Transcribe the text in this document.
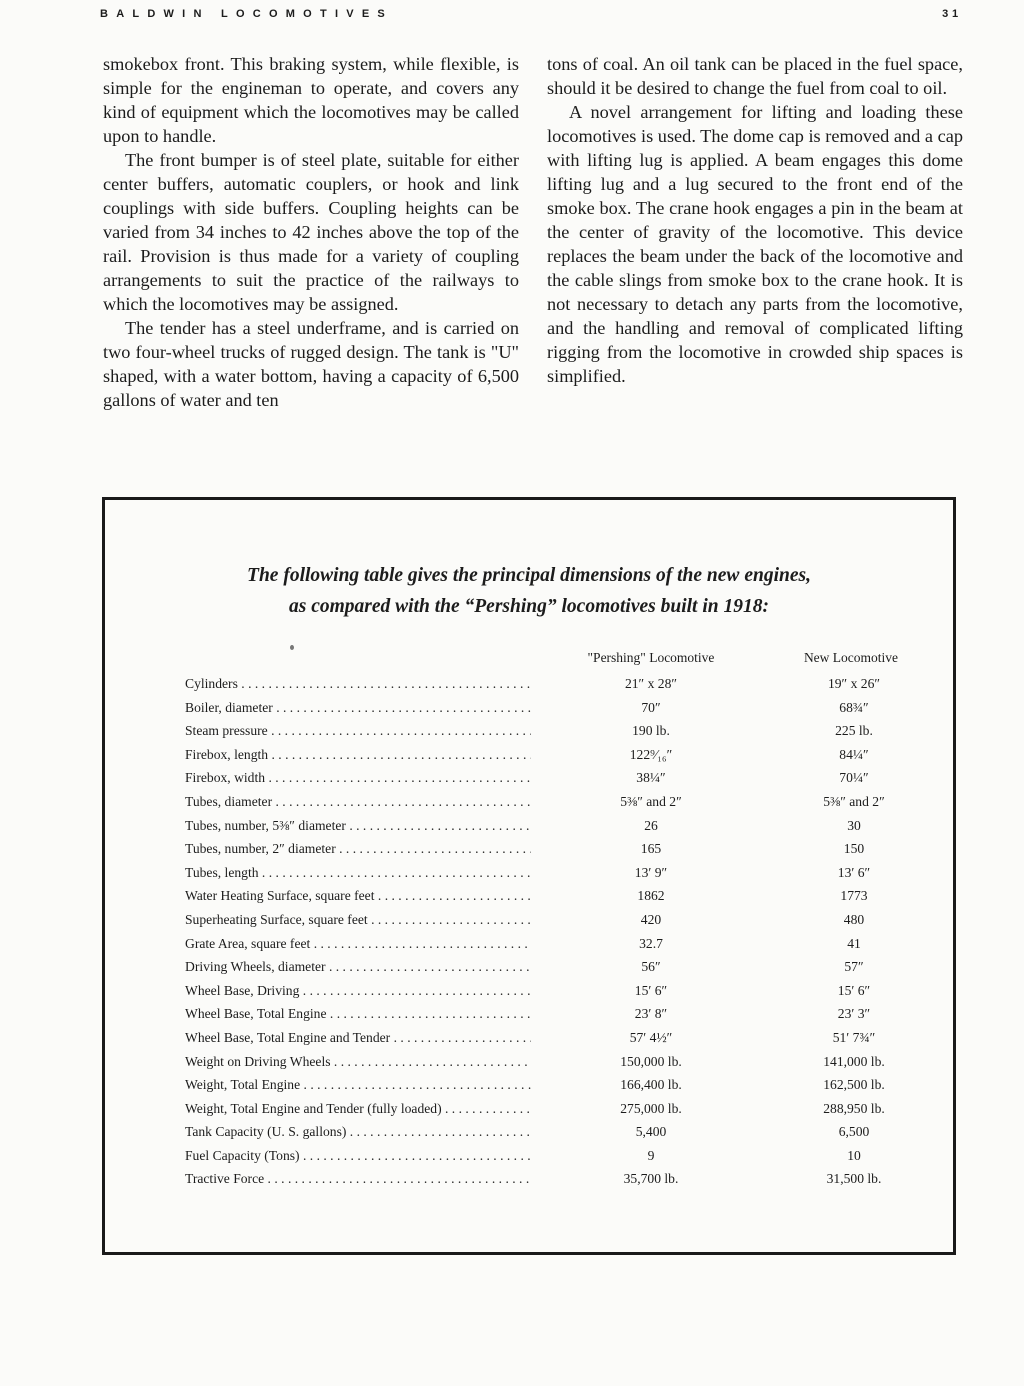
BALDWIN LOCOMOTIVES	31

smokebox front. This braking system, while flexible, is simple for the engineman to operate, and covers any kind of equipment which the locomotives may be called upon to handle.

The front bumper is of steel plate, suitable for either center buffers, automatic couplers, or hook and link couplings with side buffers. Coupling heights can be varied from 34 inches to 42 inches above the top of the rail. Provision is thus made for a variety of coupling arrangements to suit the practice of the railways to which the locomotives may be assigned.

The tender has a steel underframe, and is carried on two four-wheel trucks of rugged design. The tank is "U" shaped, with a water bottom, having a capacity of 6,500 gallons of water and ten

tons of coal. An oil tank can be placed in the fuel space, should it be desired to change the fuel from coal to oil.

A novel arrangement for lifting and loading these locomotives is used. The dome cap is removed and a cap with lifting lug is applied. A beam engages this dome lifting lug and a lug secured to the front end of the smoke box. The crane hook engages a pin in the beam at the center of gravity of the locomotive. This device replaces the beam under the back of the locomotive and the cable slings from smoke box to the crane hook. It is not necessary to detach any parts from the locomotive, and the handling and removal of complicated lifting rigging from the locomotive in crowded ship spaces is simplified.

The following table gives the principal dimensions of the new engines,
as compared with the “Pershing” locomotives built in 1918:
"Pershing" Locomotive	New Locomotive
Cylinders . . .	21″ x 28″	19″ x 26″
Boiler, diameter . . .	70″	68¾″
Steam pressure . . .	190 lb.	225 lb.
Firebox, length . . .	122⁹⁄₁₆″	84¼″
Firebox, width . . .	38¼″	70¼″
Tubes, diameter . . .	5⅜″ and 2″	5⅜″ and 2″
Tubes, number, 5⅜″ diameter . . .	26	30
Tubes, number, 2″ diameter . . .	165	150
Tubes, length . . .	13′ 9″	13′ 6″
Water Heating Surface, square feet . . .	1862	1773
Superheating Surface, square feet . . .	420	480
Grate Area, square feet . . .	32.7	41
Driving Wheels, diameter . . .	56″	57″
Wheel Base, Driving . . .	15′ 6″	15′ 6″
Wheel Base, Total Engine . . .	23′ 8″	23′ 3″
Wheel Base, Total Engine and Tender . . .	57′ 4½″	51′ 7¾″
Weight on Driving Wheels . . .	150,000 lb.	141,000 lb.
Weight, Total Engine . . .	166,400 lb.	162,500 lb.
Weight, Total Engine and Tender (fully loaded) . . .	275,000 lb.	288,950 lb.
Tank Capacity (U. S. gallons) . . .	5,400	6,500
Fuel Capacity (Tons) . . .	9	10
Tractive Force . . .	35,700 lb.	31,500 lb.
